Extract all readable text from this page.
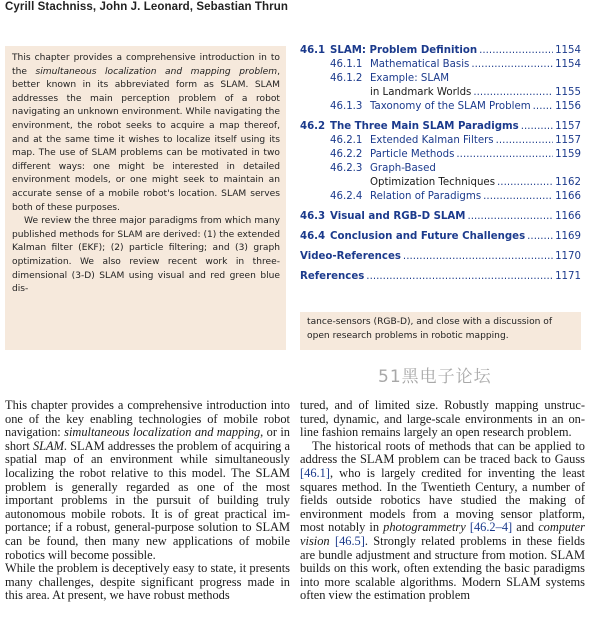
Cyrill Stachniss, John J. Leonard, Sebastian Thrun

This chapter provides a comprehensive introduction in to the simultaneous localization and mapping problem, better known in its abbreviated form as SLAM. SLAM addresses the main perception problem of a robot navigating an unknown environment. While navigating the environment, the robot seeks to acquire a map thereof, and at the same time it wishes to localize itself using its map. The use of SLAM problems can be motivated in two different ways: one might be interested in detailed environment models, or one might seek to maintain an accurate sense of a mobile robot's location. SLAM serves both of these purposes.

We review the three major paradigms from which many published methods for SLAM are derived: (1) the extended Kalman filter (EKF); (2) particle filtering; and (3) graph optimization. We also review recent work in three-dimensional (3-D) SLAM using visual and red green blue dis-

46.1 SLAM: Problem Definition . . .	1154
46.1.1 Mathematical Basis . . .	1154
46.1.2 Example: SLAM
in Landmark Worlds . . .	1155
46.1.3 Taxonomy of the SLAM Problem . . . 1156
46.2 The Three Main SLAM Paradigms . . .	1157
46.2.1 Extended Kalman Filters . . .	1157
46.2.2 Particle Methods . . .	1159
46.2.3 Graph-Based
Optimization Techniques . . .	1162
46.2.4 Relation of Paradigms . . .	1166
46.3 Visual and RGB-D SLAM . . .	1166
46.4 Conclusion and Future Challenges . . .	1169
Video-References . . .	1170
References . . .	1171
tance-sensors (RGB-D), and close with a discussion of open research problems in robotic mapping.
51黑电子论坛

This chapter provides a comprehensive introduction into one of the key enabling technologies of mobile robot navigation: simultaneous localization and mapping, or in short SLAM. SLAM addresses the problem of acquiring a spatial map of an environment while simultaneously localizing the robot relative to this model. The SLAM problem is generally regarded as one of the most important problems in the pursuit of building truly autonomous mobile robots. It is of great practical importance; if a robust, general-purpose solution to SLAM can be found, then many new applications of mobile robotics will become possible.

While the problem is deceptively easy to state, it presents many challenges, despite significant progress made in this area. At present, we have robust methods

tured, and of limited size. Robustly mapping unstructured, dynamic, and large-scale environments in an online fashion remains largely an open research problem.

The historical roots of methods that can be applied to address the SLAM problem can be traced back to Gauss [46.1], who is largely credited for inventing the least squares method. In the Twentieth Century, a number of fields outside robotics have studied the making of environment models from a moving sensor platform, most notably in photogrammetry [46.2–4] and computer vision [46.5]. Strongly related problems in these fields are bundle adjustment and structure from motion. SLAM builds on this work, often extending the basic paradigms into more scalable algorithms. Modern SLAM systems often view the estimation problem
